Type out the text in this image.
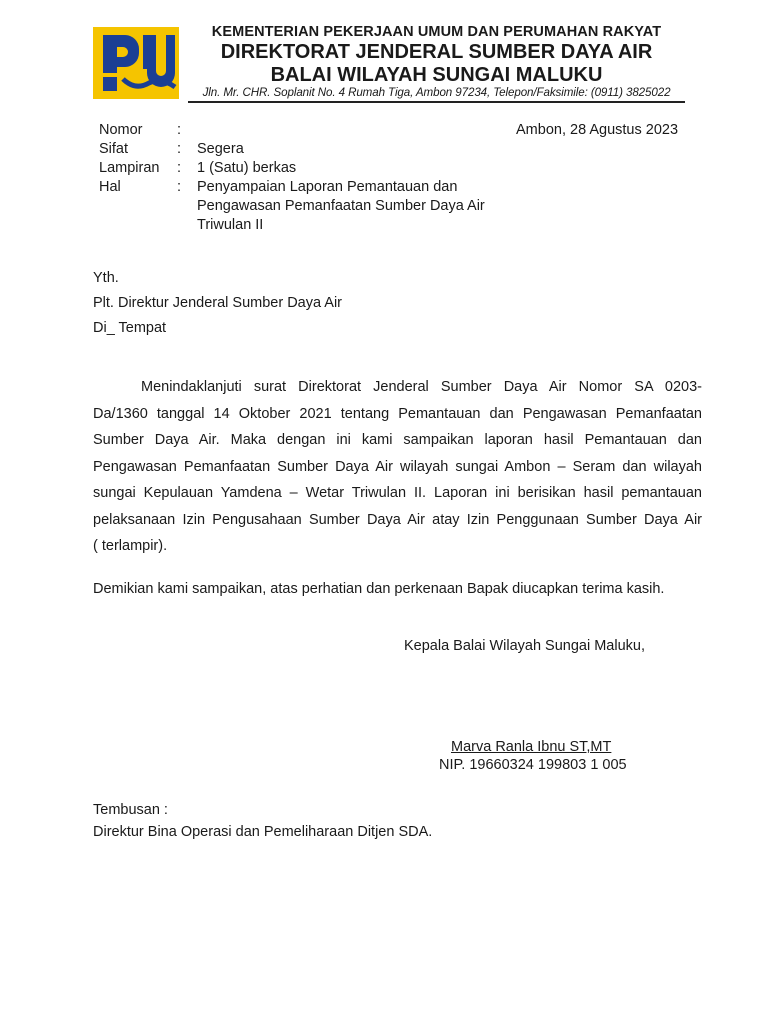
KEMENTERIAN PEKERJAAN UMUM DAN PERUMAHAN RAKYAT
DIREKTORAT JENDERAL SUMBER DAYA AIR
BALAI WILAYAH SUNGAI MALUKU
Jln. Mr. CHR. Soplanit No. 4 Rumah Tiga, Ambon 97234, Telepon/Faksimile: (0911) 3825022
Ambon, 28 Agustus 2023
Nomor :
Sifat	: Segera
Lampiran : 1 (Satu) berkas
Hal	: Penyampaian Laporan Pemantauan dan
Pengawasan Pemanfaatan Sumber Daya Air
Triwulan II
Yth.
Plt. Direktur Jenderal Sumber Daya Air
Di_ Tempat
Menindaklanjuti surat Direktorat Jenderal Sumber Daya Air Nomor SA 0203-
Da/1360 tanggal 14 Oktober 2021 tentang Pemantauan dan Pengawasan Pemanfaatan
Sumber Daya Air. Maka dengan ini kami sampaikan laporan hasil Pemantauan dan
Pengawasan Pemanfaatan Sumber Daya Air wilayah sungai Ambon – Seram dan wilayah
sungai Kepulauan Yamdena – Wetar Triwulan II. Laporan ini berisikan hasil pemantauan
pelaksanaan Izin Pengusahaan Sumber Daya Air atay Izin Penggunaan Sumber Daya Air
( terlampir).
Demikian kami sampaikan, atas perhatian dan perkenaan Bapak diucapkan terima kasih.
Kepala Balai Wilayah Sungai Maluku,
Marva Ranla Ibnu ST,MT
NIP. 19660324 199803 1 005
Tembusan :
Direktur Bina Operasi dan Pemeliharaan Ditjen SDA.
